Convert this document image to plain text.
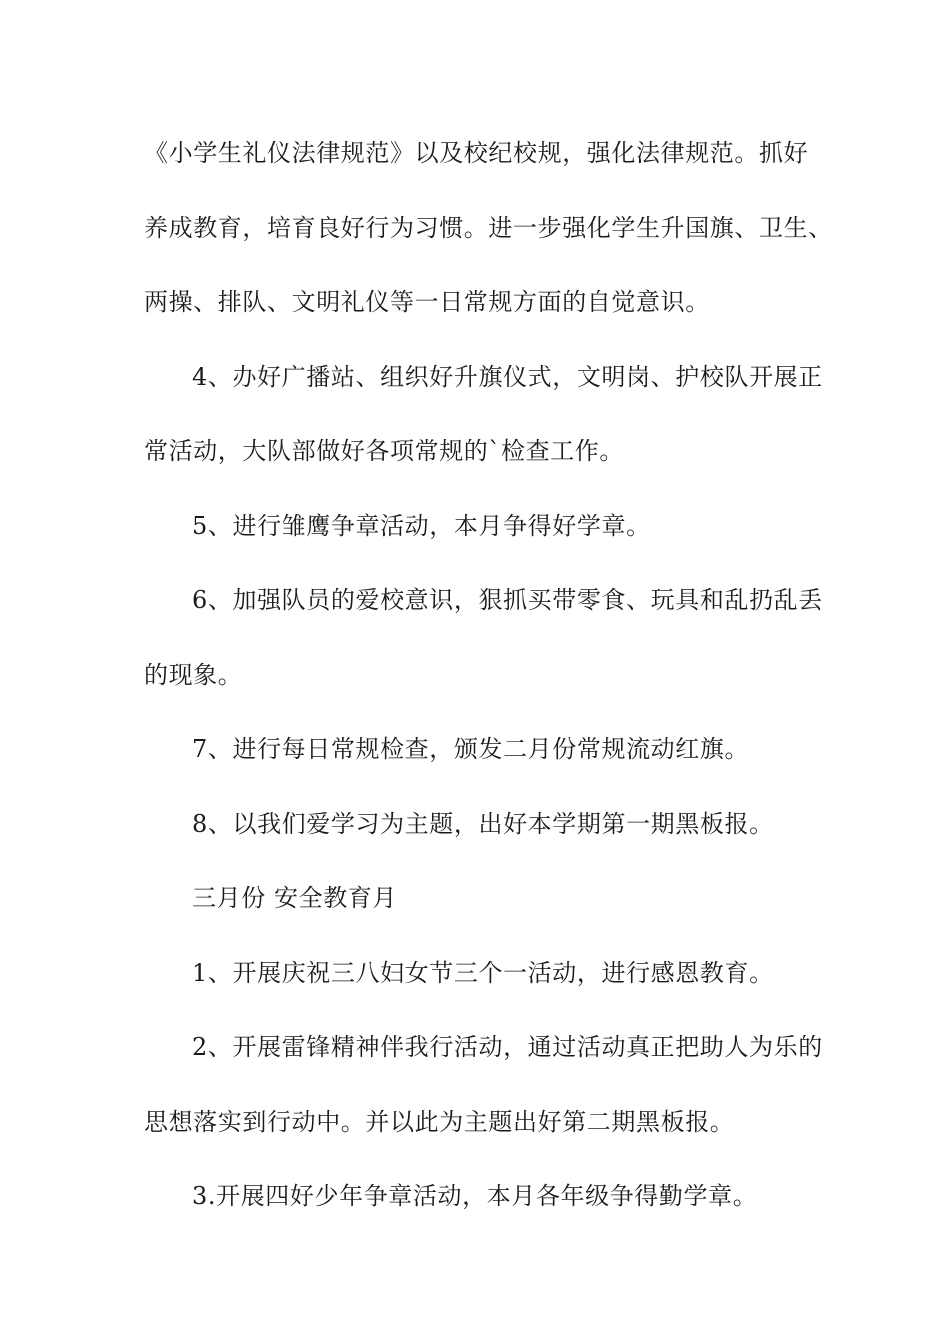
《小学生礼仪法律规范》以及校纪校规，强化法律规范。抓好
养成教育，培育良好行为习惯。进一步强化学生升国旗、卫生、
两操、排队、文明礼仪等一日常规方面的自觉意识。
4、办好广播站、组织好升旗仪式，文明岗、护校队开展正
常活动，大队部做好各项常规的`检查工作。
5、进行雏鹰争章活动，本月争得好学章。
6、加强队员的爱校意识，狠抓买带零食、玩具和乱扔乱丢
的现象。
7、进行每日常规检查，颁发二月份常规流动红旗。
8、以我们爱学习为主题，出好本学期第一期黑板报。
三月份 安全教育月
1、开展庆祝三八妇女节三个一活动，进行感恩教育。
2、开展雷锋精神伴我行活动，通过活动真正把助人为乐的
思想落实到行动中。并以此为主题出好第二期黑板报。
3.开展四好少年争章活动，本月各年级争得勤学章。
